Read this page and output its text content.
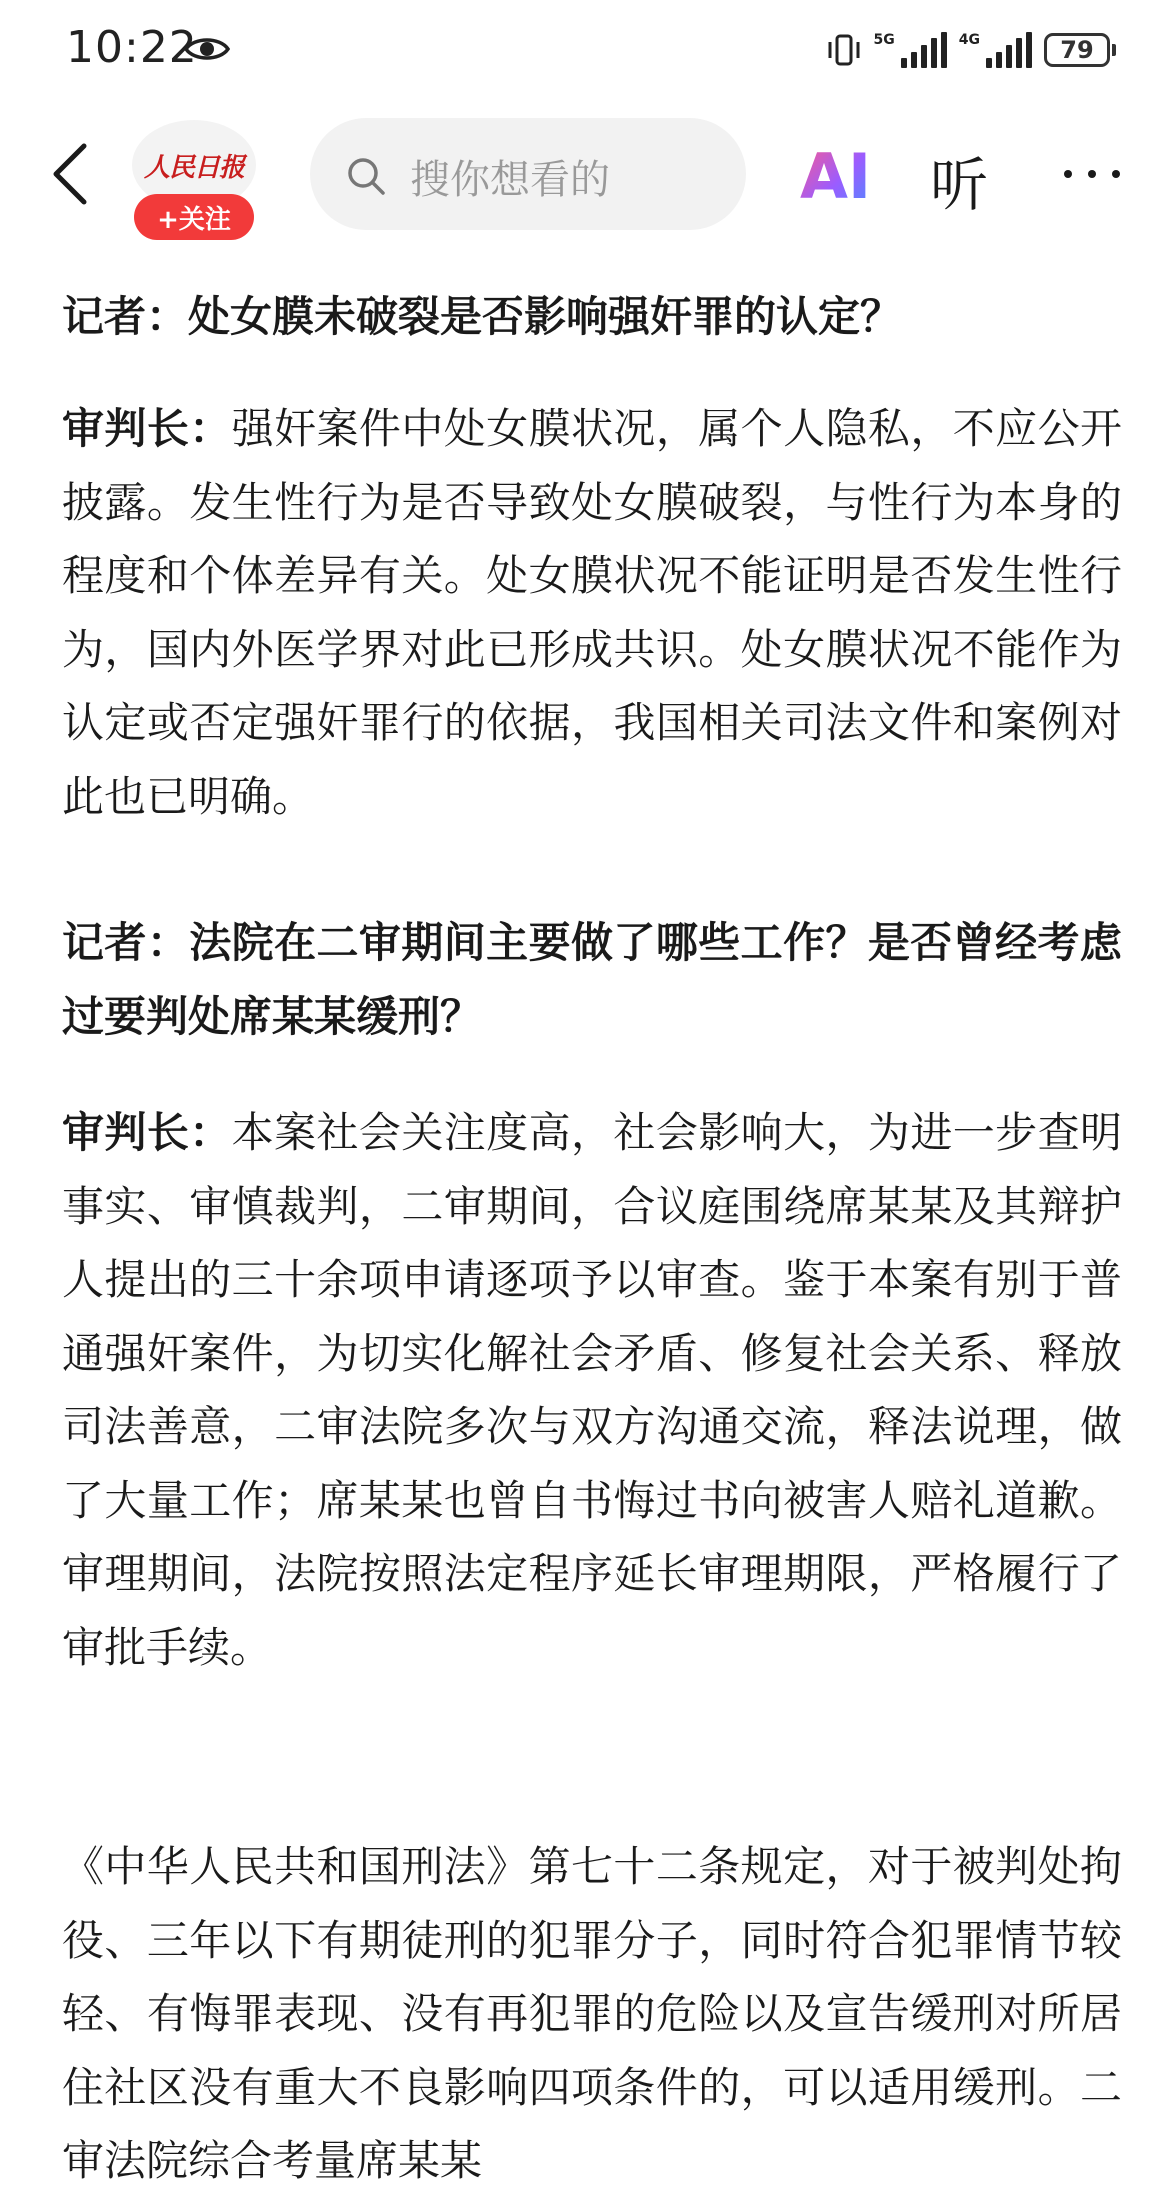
10:22	5G	4G	79
人民日报
+关注
搜你想看的	AI 听

记者：处女膜未破裂是否影响强奸罪的认定？

审判长：强奸案件中处女膜状况，属个人隐私，不应公开披露。发生性行为是否导致处女膜破裂，与性行为本身的程度和个体差异有关。处女膜状况不能证明是否发生性行为，国内外医学界对此已形成共识。处女膜状况不能作为认定或否定强奸罪行的依据，我国相关司法文件和案例对此也已明确。

记者：法院在二审期间主要做了哪些工作？是否曾经考虑过要判处席某某缓刑？

审判长：本案社会关注度高，社会影响大，为进一步查明事实、审慎裁判，二审期间，合议庭围绕席某某及其辩护人提出的三十余项申请逐项予以审查。鉴于本案有别于普通强奸案件，为切实化解社会矛盾、修复社会关系、释放司法善意，二审法院多次与双方沟通交流，释法说理，做了大量工作；席某某也曾自书悔过书向被害人赔礼道歉。审理期间，法院按照法定程序延长审理期限，严格履行了审批手续。

《中华人民共和国刑法》第七十二条规定，对于被判处拘役、三年以下有期徒刑的犯罪分子，同时符合犯罪情节较轻、有悔罪表现、没有再犯罪的危险以及宣告缓刑对所居住社区没有重大不良影响四项条件的，可以适用缓刑。二审法院综合考量席某某
